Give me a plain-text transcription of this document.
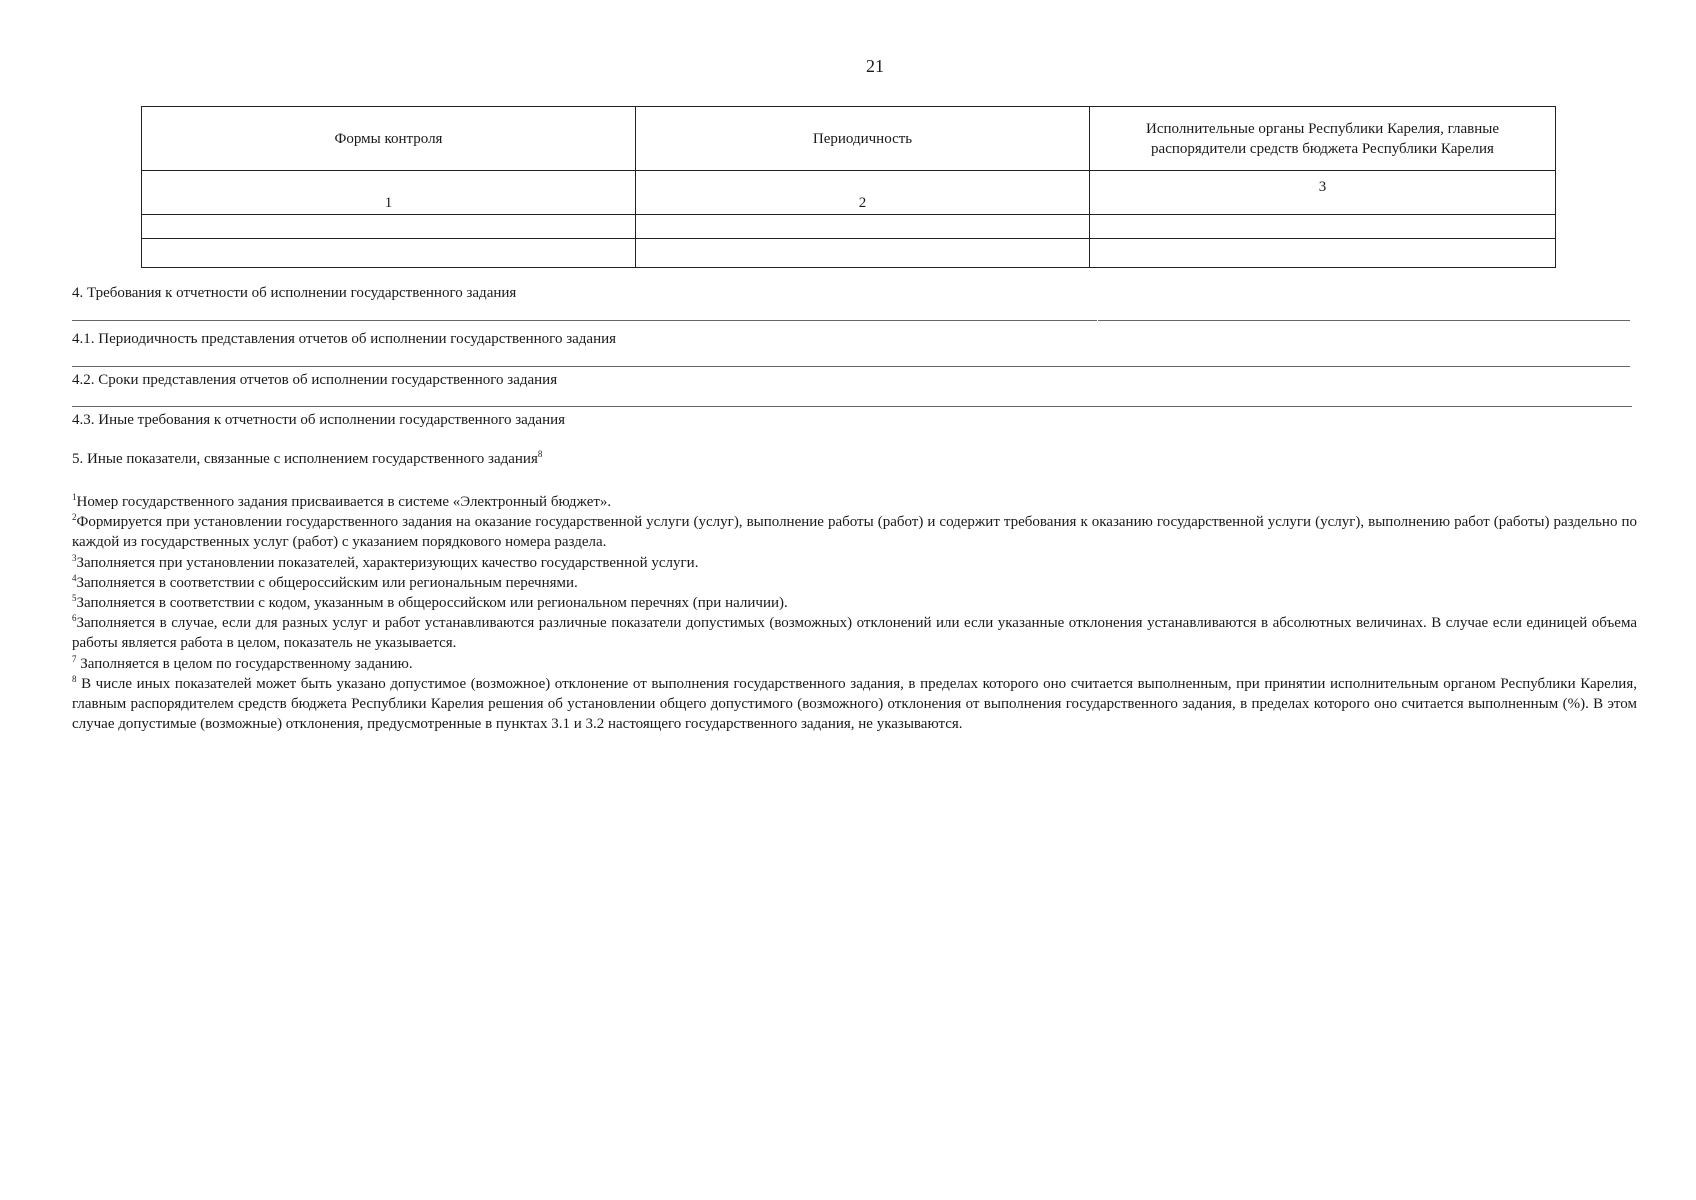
21
Формы контроля	Периодичность	Исполнительные органы Республики Карелия, главные распорядители средств бюджета Республики Карелия
1	2	3

4. Требования к отчетности об исполнении государственного задания
4.1. Периодичность представления отчетов об исполнении государственного задания
4.2. Сроки представления отчетов об исполнении государственного задания
4.3. Иные требования к отчетности об исполнении государственного задания
5. Иные показатели, связанные с исполнением государственного задания$^8$

$^1$Номер государственного задания присваивается в системе «Электронный бюджет».

$^2$Формируется при установлении государственного задания на оказание государственной услуги (услуг), выполнение работы (работ) и содержит требования к оказанию государственной услуги (услуг), выполнению работ (работы) раздельно по каждой из государственных услуг (работ) с указанием порядкового номера раздела.

$^3$Заполняется при установлении показателей, характеризующих качество государственной услуги.

$^4$Заполняется в соответствии с общероссийским или региональным перечнями.

$^5$Заполняется в соответствии с кодом, указанным в общероссийском или региональном перечнях (при наличии).

$^6$Заполняется в случае, если для разных услуг и работ устанавливаются различные показатели допустимых (возможных) отклонений или если указанные отклонения устанавливаются в абсолютных величинах. В случае если единицей объема работы является работа в целом, показатель не указывается.

$^7$ Заполняется в целом по государственному заданию.

$^8$ В числе иных показателей может быть указано допустимое (возможное) отклонение от выполнения государственного задания, в пределах которого оно считается выполненным, при принятии исполнительным органом Республики Карелия, главным распорядителем средств бюджета Республики Карелия решения об установлении общего допустимого (возможного) отклонения от выполнения государственного задания, в пределах которого оно считается выполненным (%). В этом случае допустимые (возможные) отклонения, предусмотренные в пунктах 3.1 и 3.2 настоящего государственного задания, не указываются.
